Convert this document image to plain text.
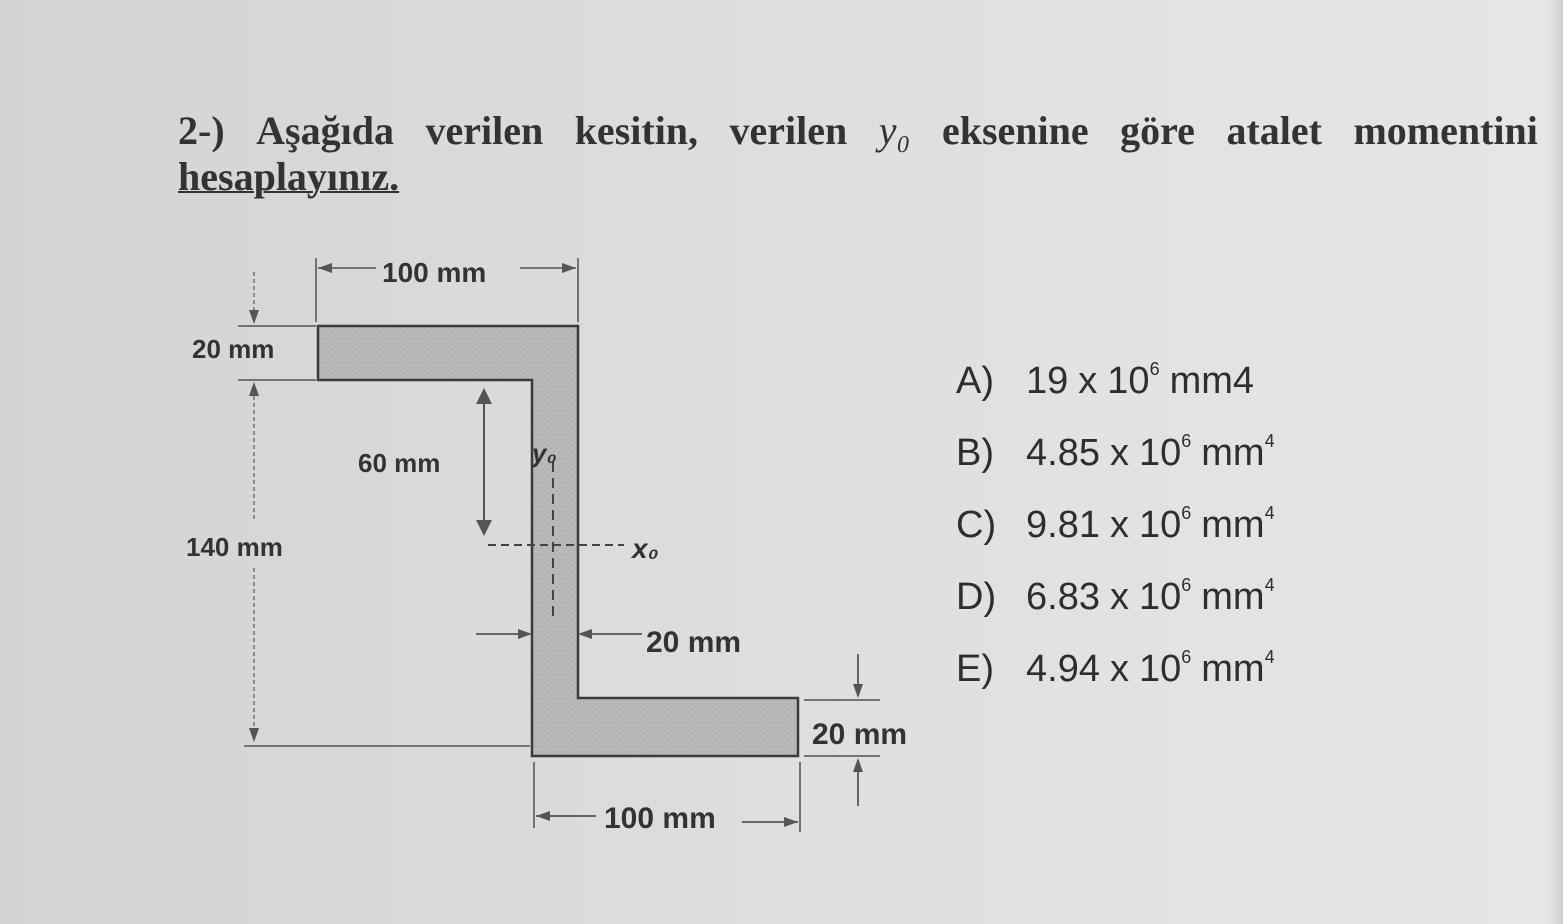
2-) Aşağıda verilen kesitin, verilen y₀ eksenine göre atalet momentini
hesaplayınız.
100 mm
20 mm
140 mm
60 mm	y₀
x₀
20 mm
20 mm
100 mm
A) 19 x $10^6$ mm4
B) 4.85 x $10^6$ $mm^4$
C) 9.81 x $10^6$ $mm^4$
D) 6.83 x $10^6$ $mm^4$
E) 4.94 x $10^6$ $mm^4$
